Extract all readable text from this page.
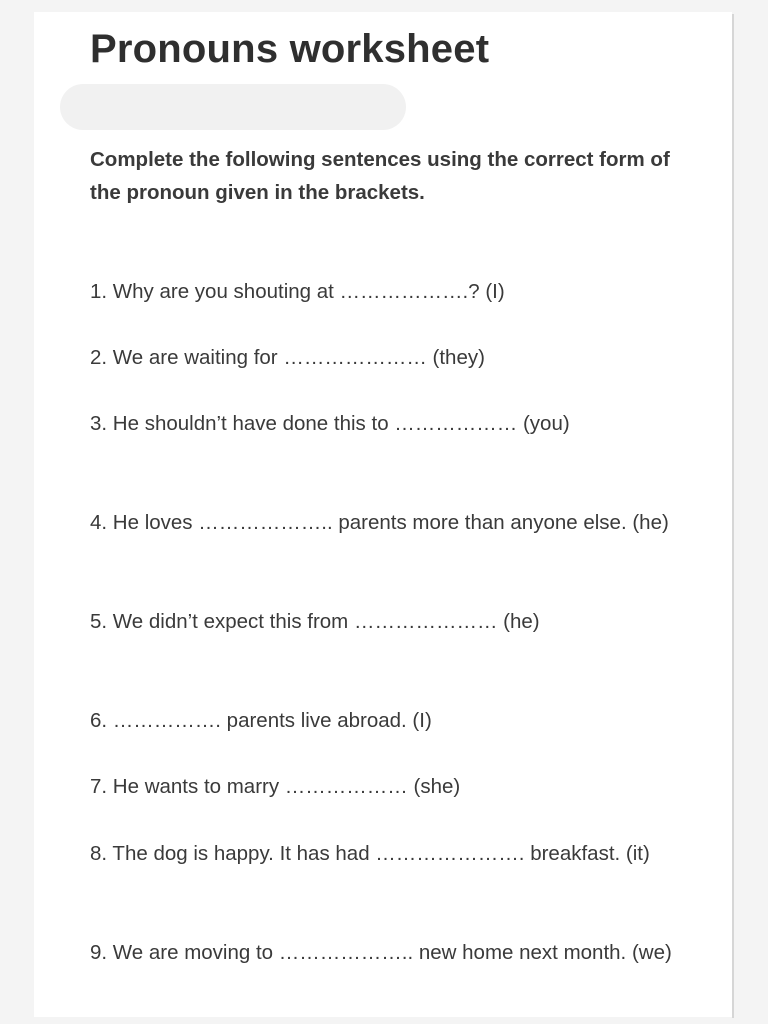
Pronouns worksheet

Complete the following sentences using the correct form of the pronoun given in the brackets.

1. Why are you shouting at ……………….? (I)

2. We are waiting for ………………… (they)

3. He shouldn’t have done this to ……………… (you)

4. He loves ……………….. parents more than anyone else. (he)

5. We didn’t expect this from ………………… (he)

6. ……………. parents live abroad. (I)

7. He wants to marry ……………… (she)

8. The dog is happy. It has had …………………. breakfast. (it)

9. We are moving to ……………….. new home next month. (we)
